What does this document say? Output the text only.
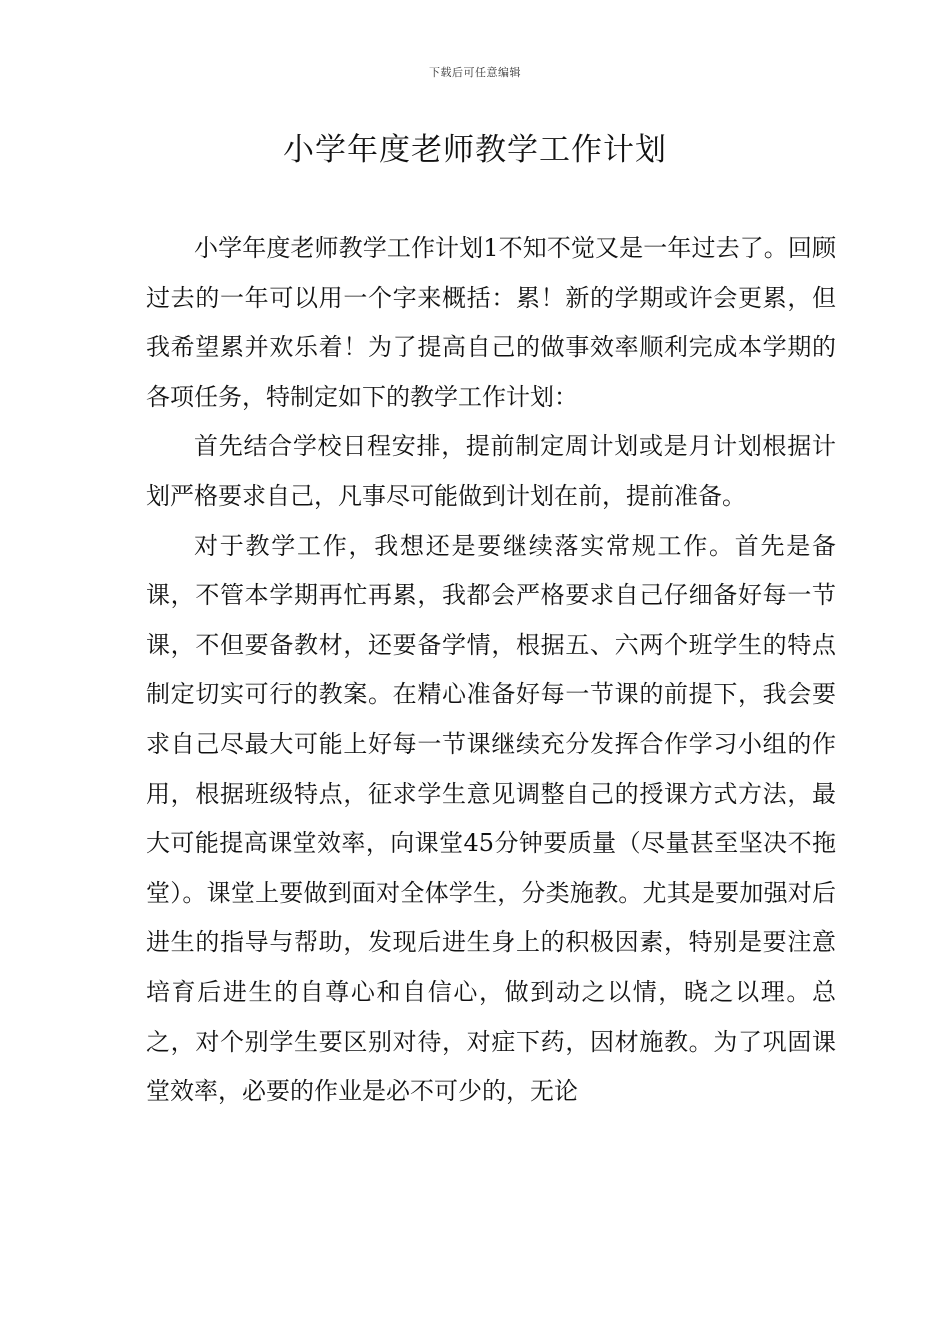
下载后可任意编辑
小学年度老师教学工作计划

小学年度老师教学工作计划1不知不觉又是一年过去了。回顾过去的一年可以用一个字来概括：累！新的学期或许会更累，但我希望累并欢乐着！为了提高自己的做事效率顺利完成本学期的各项任务，特制定如下的教学工作计划：

首先结合学校日程安排，提前制定周计划或是月计划根据计划严格要求自己，凡事尽可能做到计划在前，提前准备。

对于教学工作，我想还是要继续落实常规工作。首先是备课，不管本学期再忙再累，我都会严格要求自己仔细备好每一节课，不但要备教材，还要备学情，根据五、六两个班学生的特点制定切实可行的教案。在精心准备好每一节课的前提下，我会要求自己尽最大可能上好每一节课继续充分发挥合作学习小组的作用，根据班级特点，征求学生意见调整自己的授课方式方法，最大可能提高课堂效率，向课堂45分钟要质量（尽量甚至坚决不拖堂）。课堂上要做到面对全体学生，分类施教。尤其是要加强对后进生的指导与帮助，发现后进生身上的积极因素，特别是要注意培育后进生的自尊心和自信心，做到动之以情，晓之以理。总之，对个别学生要区别对待，对症下药，因材施教。为了巩固课堂效率，必要的作业是必不可少的，无论
